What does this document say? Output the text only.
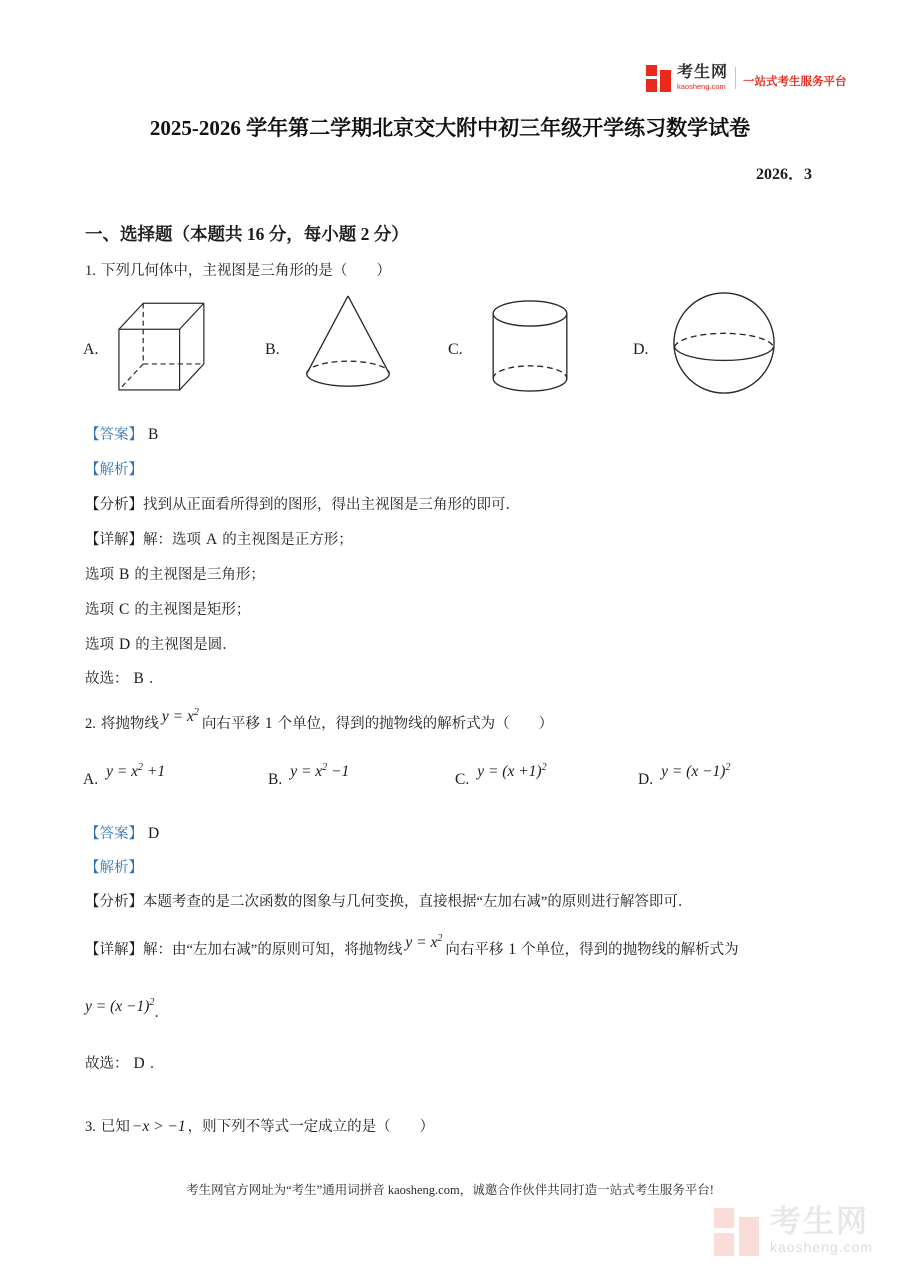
考生网
kaosheng.com 一站式考生服务平台
2025-2026 学年第二学期北京交大附中初三年级开学练习数学试卷
2026．3
一、选择题（本题共 16 分，每小题 2 分）
1. 下列几何体中，主视图是三角形的是（　　）
A.	B.	C.	D.
【答案】 B
【解析】
【分析】找到从正面看所得到的图形，得出主视图是三角形的即可．
【详解】解：选项 A 的主视图是正方形；
选项 B 的主视图是三角形；
选项 C 的主视图是矩形；
选项 D 的主视图是圆．
故选： B ．
2. 将抛物线 $y = x^2$向右平移 1 个单位，得到的抛物线的解析式为（　　）
A. $y = x^2 +1$	B. $y = x^2 -1$	C. $y = (x +1)^2$
D. $y = (x -1)^2$
【答案】 D
【解析】
【分析】本题考查的是二次函数的图象与几何变换，直接根据“左加右减”的原则进行解答即可．
【详解】解：由“左加右减”的原则可知，将抛物线 $y = x^2$向右平移 1 个单位，得到的抛物线的解析式为
$y = (x -1)^2$．
故选： D ．
3. 已知 −x > −1 ，则下列不等式一定成立的是（　　）
考生网官方网址为“考生”通用词拼音 kaosheng.com，诚邀合作伙伴共同打造一站式考生服务平台!
考生网
kaosheng.com
